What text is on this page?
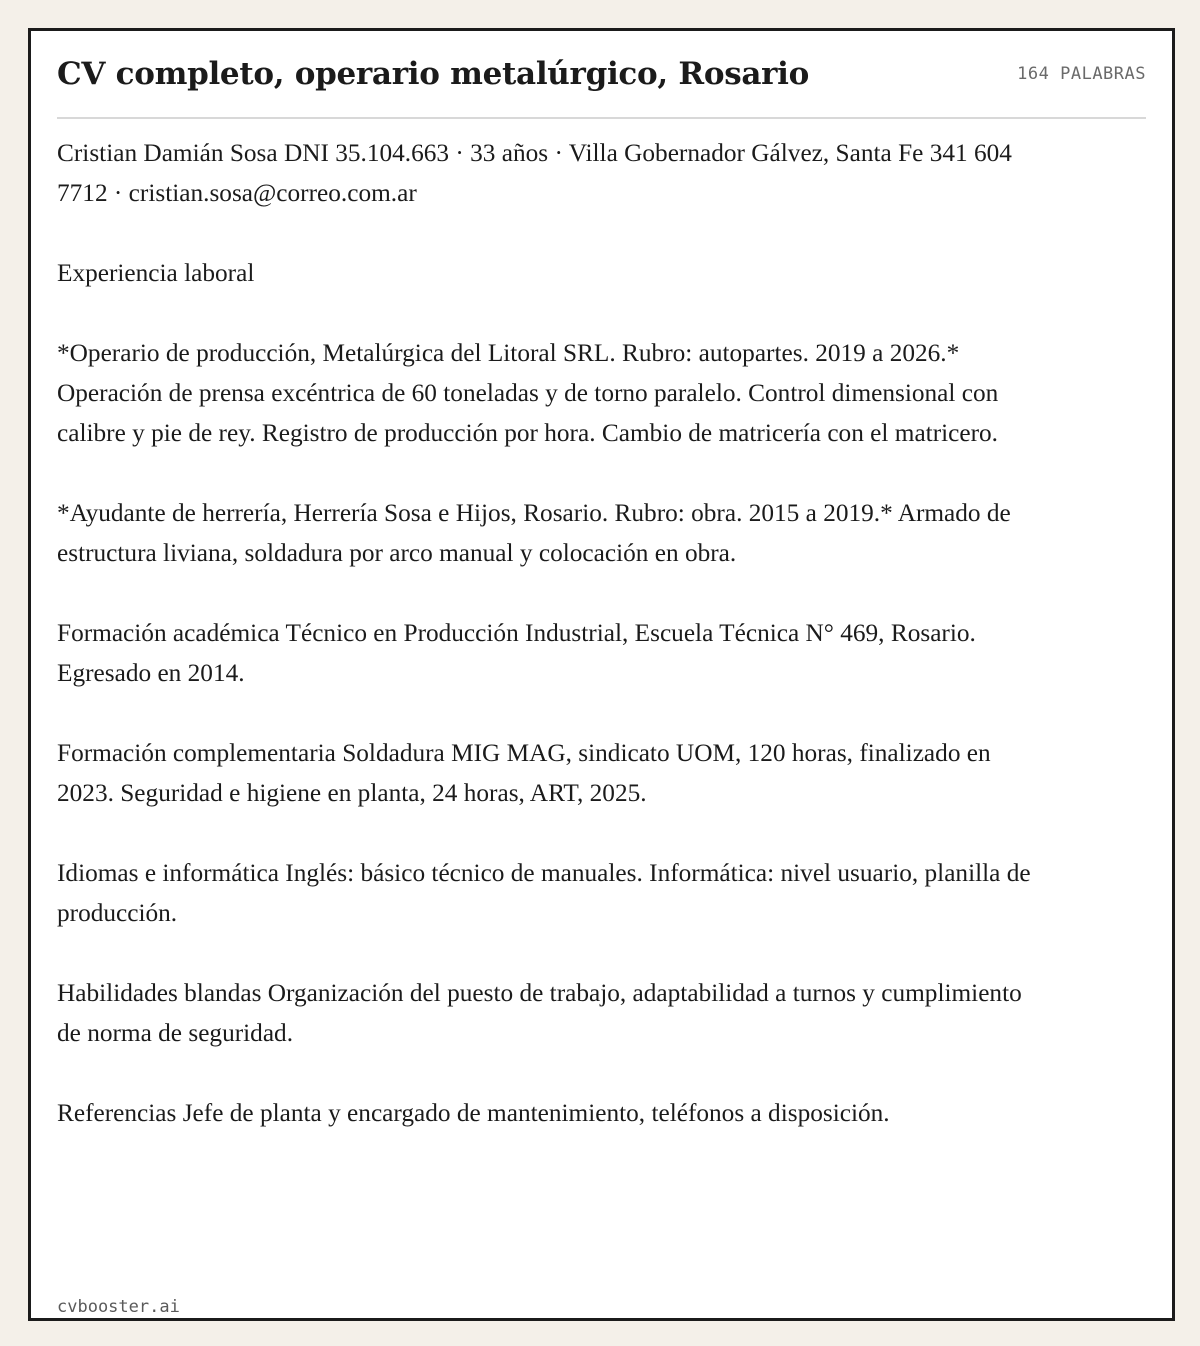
CV completo, operario metalúrgico, Rosario	164 PALABRAS

Cristian Damián Sosa DNI 35.104.663 · 33 años · Villa Gobernador Gálvez, Santa Fe 341 604 7712 · cristian.sosa@correo.com.ar

Experiencia laboral

*Operario de producción, Metalúrgica del Litoral SRL. Rubro: autopartes. 2019 a 2026.* Operación de prensa excéntrica de 60 toneladas y de torno paralelo. Control dimensional con calibre y pie de rey. Registro de producción por hora. Cambio de matricería con el matricero.

*Ayudante de herrería, Herrería Sosa e Hijos, Rosario. Rubro: obra. 2015 a 2019.* Armado de estructura liviana, soldadura por arco manual y colocación en obra.

Formación académica Técnico en Producción Industrial, Escuela Técnica N° 469, Rosario. Egresado en 2014.

Formación complementaria Soldadura MIG MAG, sindicato UOM, 120 horas, finalizado en 2023. Seguridad e higiene en planta, 24 horas, ART, 2025.

Idiomas e informática Inglés: básico técnico de manuales. Informática: nivel usuario, planilla de producción.

Habilidades blandas Organización del puesto de trabajo, adaptabilidad a turnos y cumplimiento de norma de seguridad.

Referencias Jefe de planta y encargado de mantenimiento, teléfonos a disposición.

cvbooster.ai
